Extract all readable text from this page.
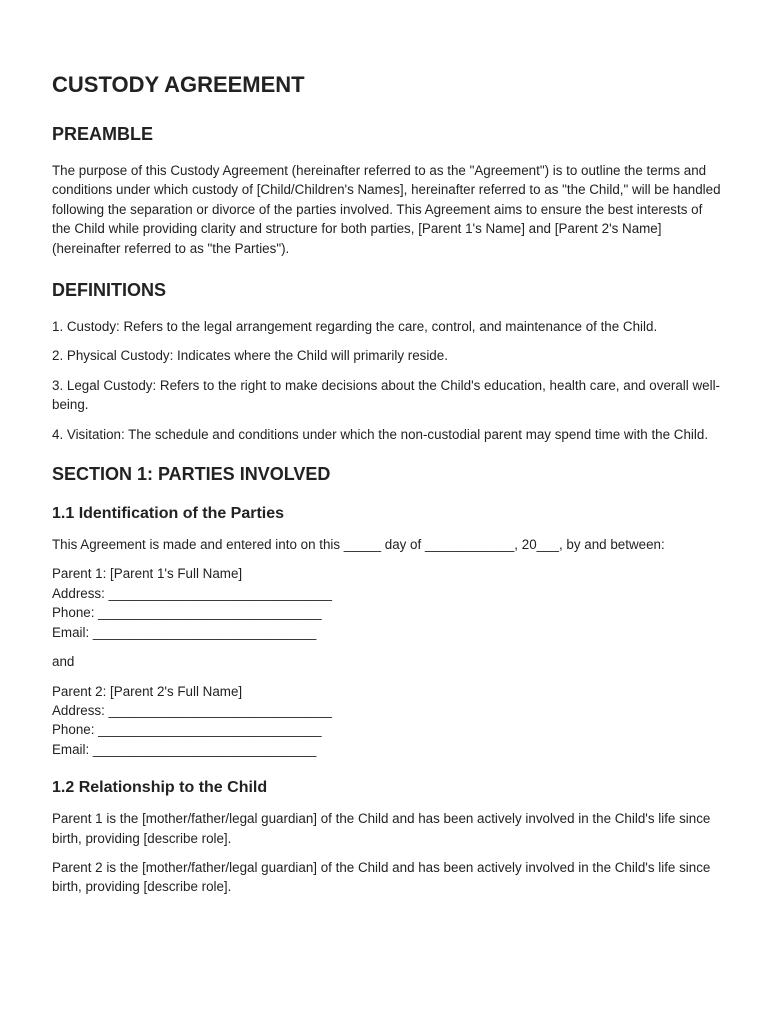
CUSTODY AGREEMENT
PREAMBLE

The purpose of this Custody Agreement (hereinafter referred to as the "Agreement") is to outline the terms and conditions under which custody of [Child/Children's Names], hereinafter referred to as "the Child," will be handled following the separation or divorce of the parties involved. This Agreement aims to ensure the best interests of the Child while providing clarity and structure for both parties, [Parent 1's Name] and [Parent 2's Name] (hereinafter referred to as "the Parties").

DEFINITIONS

1. Custody: Refers to the legal arrangement regarding the care, control, and maintenance of the Child.

2. Physical Custody: Indicates where the Child will primarily reside.

3. Legal Custody: Refers to the right to make decisions about the Child's education, health care, and overall well-being.

4. Visitation: The schedule and conditions under which the non-custodial parent may spend time with the Child.

SECTION 1: PARTIES INVOLVED
1.1 Identification of the Parties

This Agreement is made and entered into on this _____ day of ____________, 20___, by and between:

Parent 1: [Parent 1's Full Name]
Address: ______________________________
Phone: ______________________________
Email: ______________________________

and

Parent 2: [Parent 2's Full Name]
Address: ______________________________
Phone: ______________________________
Email: ______________________________
1.2 Relationship to the Child

Parent 1 is the [mother/father/legal guardian] of the Child and has been actively involved in the Child's life since birth, providing [describe role].

Parent 2 is the [mother/father/legal guardian] of the Child and has been actively involved in the Child's life since birth, providing [describe role].
